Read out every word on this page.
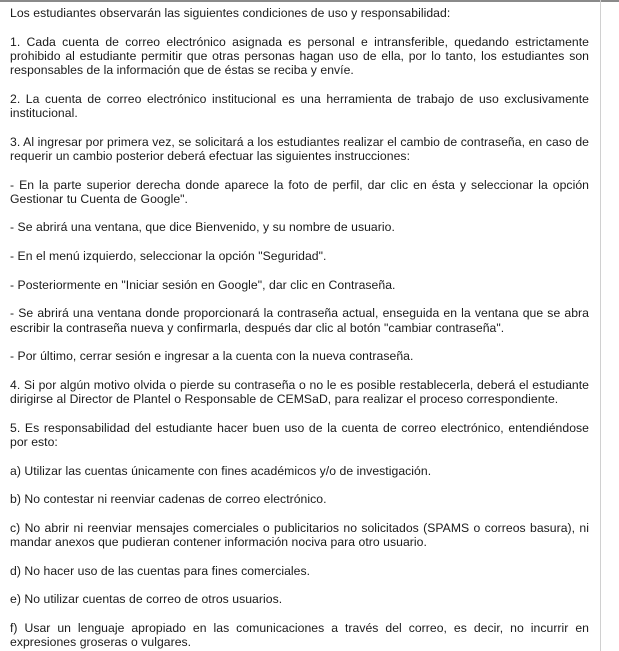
Los estudiantes observarán las siguientes condiciones de uso y responsabilidad:

1. Cada cuenta de correo electrónico asignada es personal e intransferible, quedando estrictamente prohibido al estudiante permitir que otras personas hagan uso de ella, por lo tanto, los estudiantes son responsables de la información que de éstas se reciba y envíe.

2. La cuenta de correo electrónico institucional es una herramienta de trabajo de uso exclusivamente institucional.

3. Al ingresar por primera vez, se solicitará a los estudiantes realizar el cambio de contraseña, en caso de requerir un cambio posterior deberá efectuar las siguientes instrucciones:

- En la parte superior derecha donde aparece la foto de perfil, dar clic en ésta y seleccionar la opción Gestionar tu Cuenta de Google".

- Se abrirá una ventana, que dice Bienvenido, y su nombre de usuario.

- En el menú izquierdo, seleccionar la opción "Seguridad".

- Posteriormente en "Iniciar sesión en Google", dar clic en Contraseña.

- Se abrirá una ventana donde proporcionará la contraseña actual, enseguida en la ventana que se abra escribir la contraseña nueva y confirmarla, después dar clic al botón "cambiar contraseña".

- Por último, cerrar sesión e ingresar a la cuenta con la nueva contraseña.

4. Si por algún motivo olvida o pierde su contraseña o no le es posible restablecerla, deberá el estudiante dirigirse al Director de Plantel o Responsable de CEMSaD, para realizar el proceso correspondiente.

5. Es responsabilidad del estudiante hacer buen uso de la cuenta de correo electrónico, entendiéndose por esto:

a) Utilizar las cuentas únicamente con fines académicos y/o de investigación.

b) No contestar ni reenviar cadenas de correo electrónico.

c) No abrir ni reenviar mensajes comerciales o publicitarios no solicitados (SPAMS o correos basura), ni mandar anexos que pudieran contener información nociva para otro usuario.

d) No hacer uso de las cuentas para fines comerciales.

e) No utilizar cuentas de correo de otros usuarios.

f) Usar un lenguaje apropiado en las comunicaciones a través del correo, es decir, no incurrir en expresiones groseras o vulgares.
